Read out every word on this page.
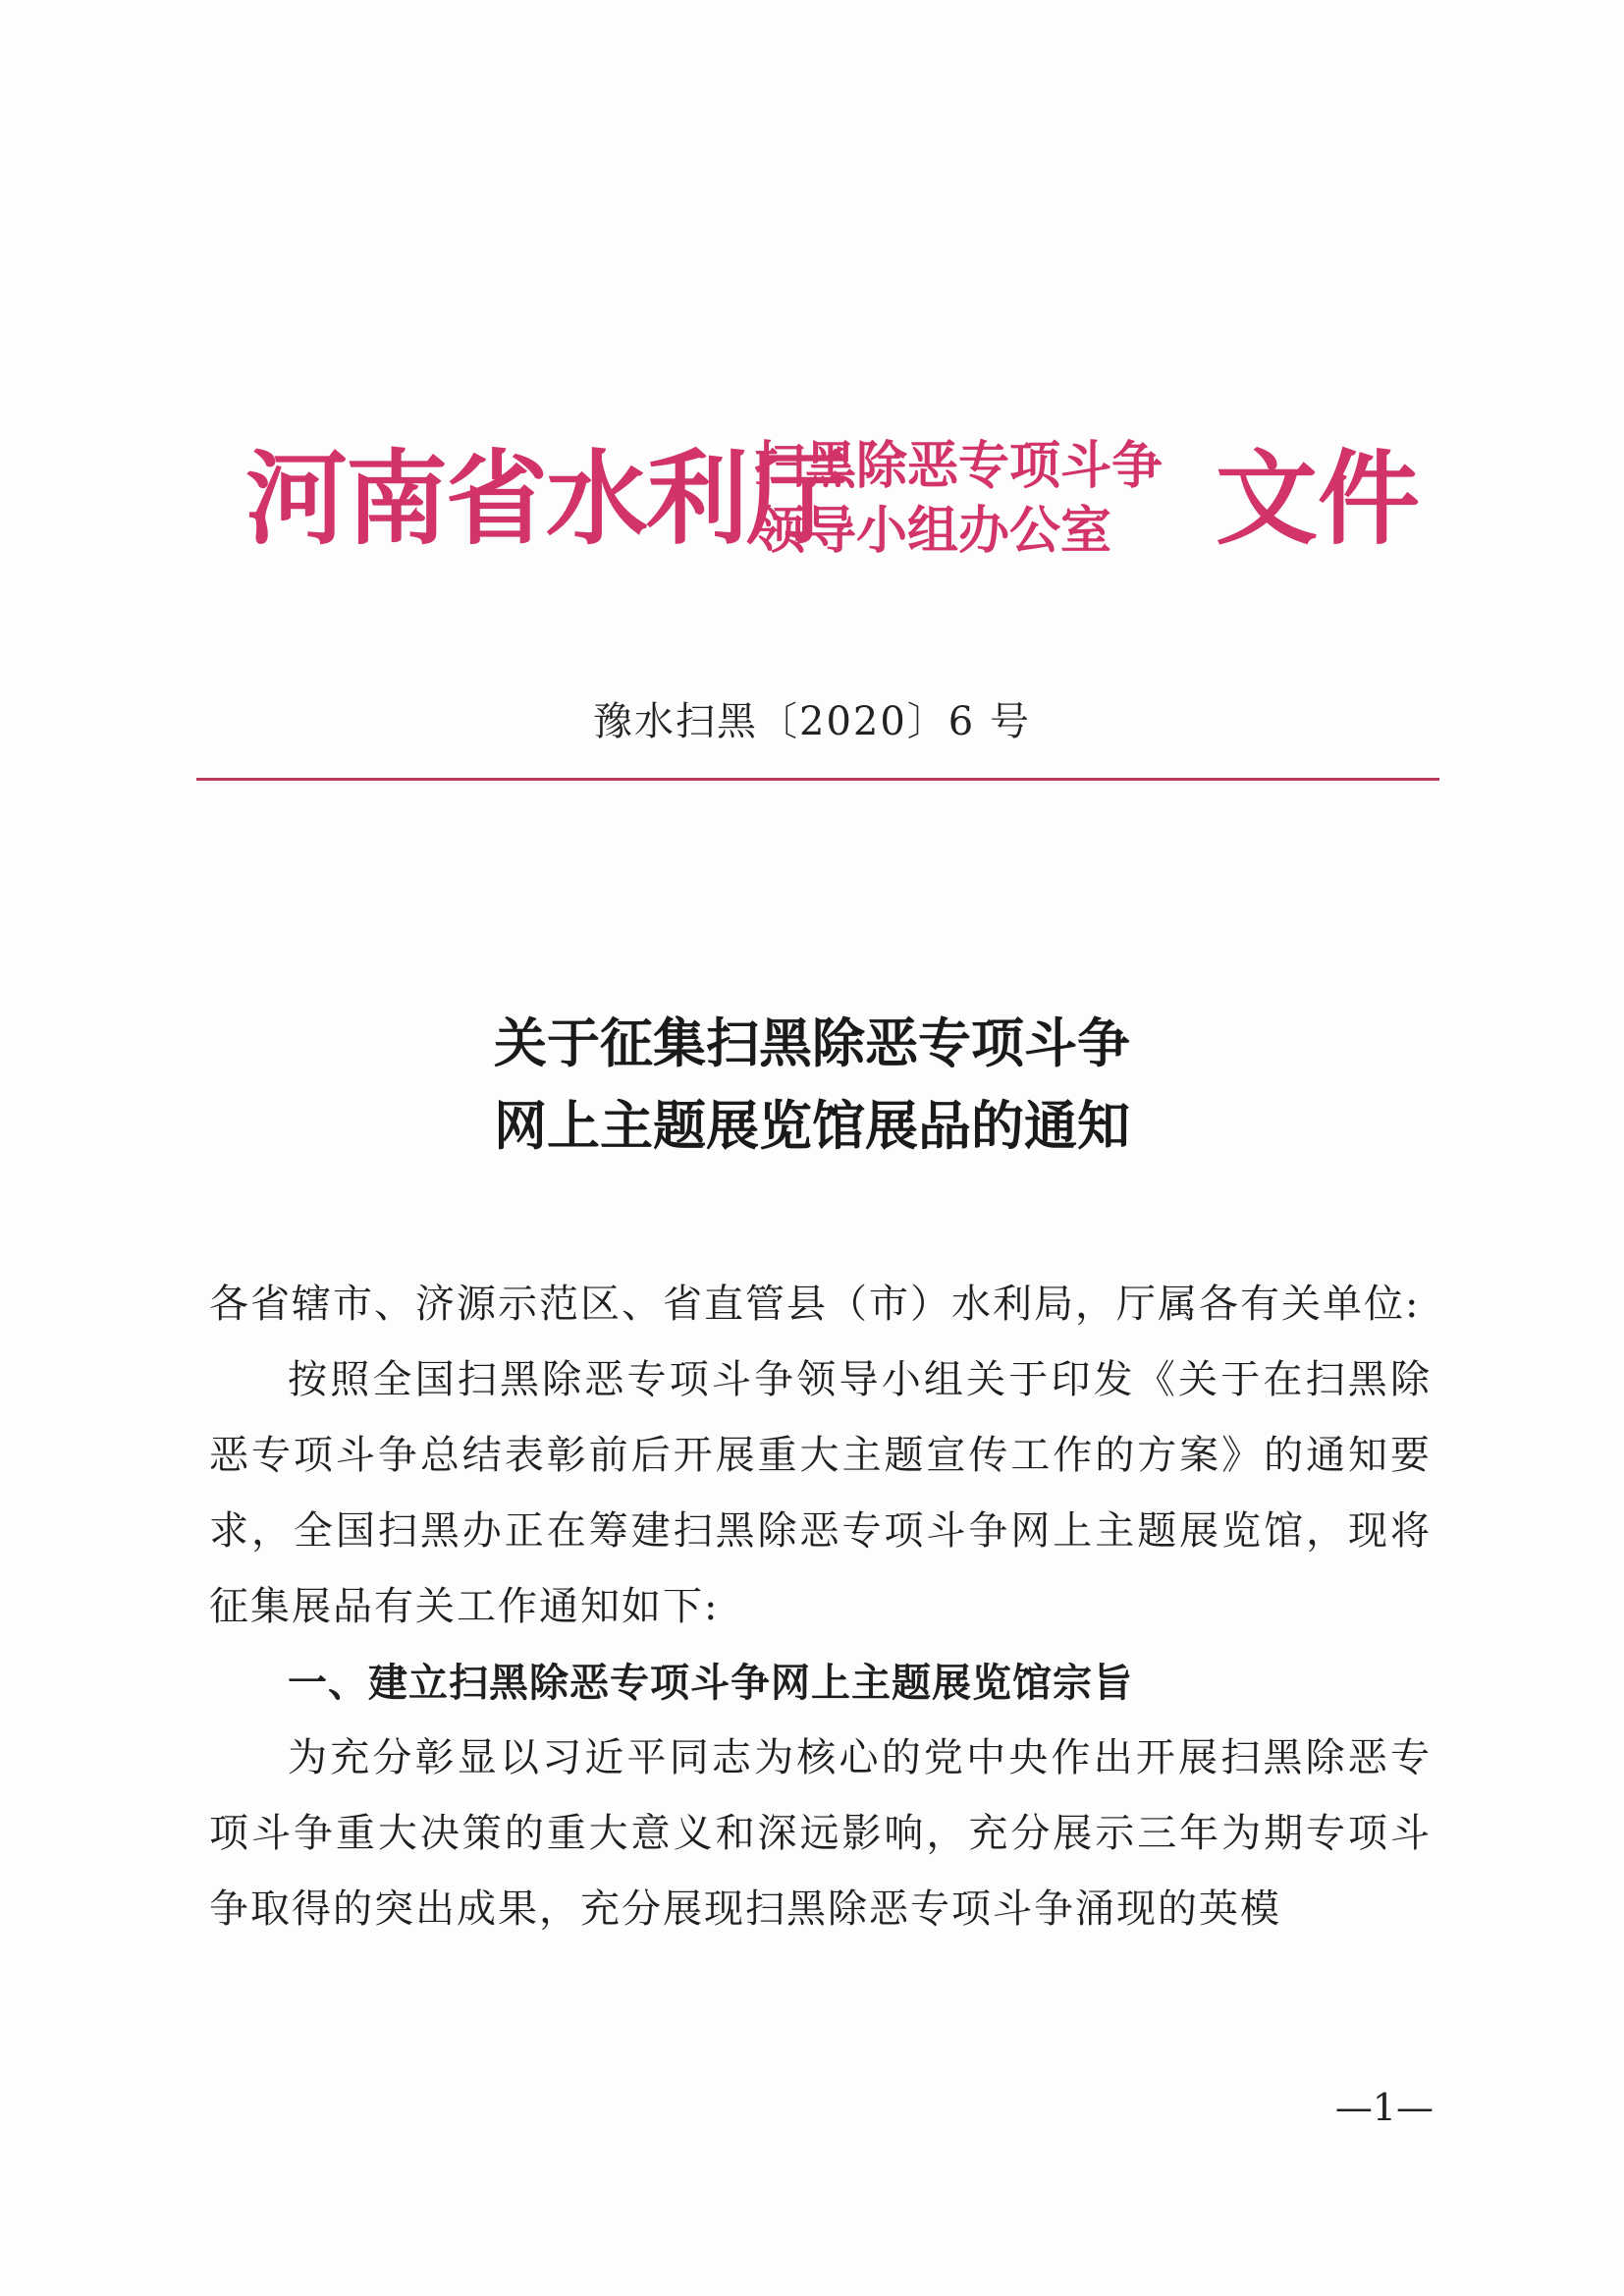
河南省水利厅
扫黑除恶专项斗争
领导小组办公室	文件
豫水扫黑〔2020〕6 号
关于征集扫黑除恶专项斗争
网上主题展览馆展品的通知

各省辖市、济源示范区、省直管县（市）水利局，厅属各有关单位:

按照全国扫黑除恶专项斗争领导小组关于印发《关于在扫黑除恶专项斗争总结表彰前后开展重大主题宣传工作的方案》的通知要求，全国扫黑办正在筹建扫黑除恶专项斗争网上主题展览馆，现将征集展品有关工作通知如下:

一、建立扫黑除恶专项斗争网上主题展览馆宗旨

为充分彰显以习近平同志为核心的党中央作出开展扫黑除恶专项斗争重大决策的重大意义和深远影响，充分展示三年为期专项斗争取得的突出成果，充分展现扫黑除恶专项斗争涌现的英模

—1—
